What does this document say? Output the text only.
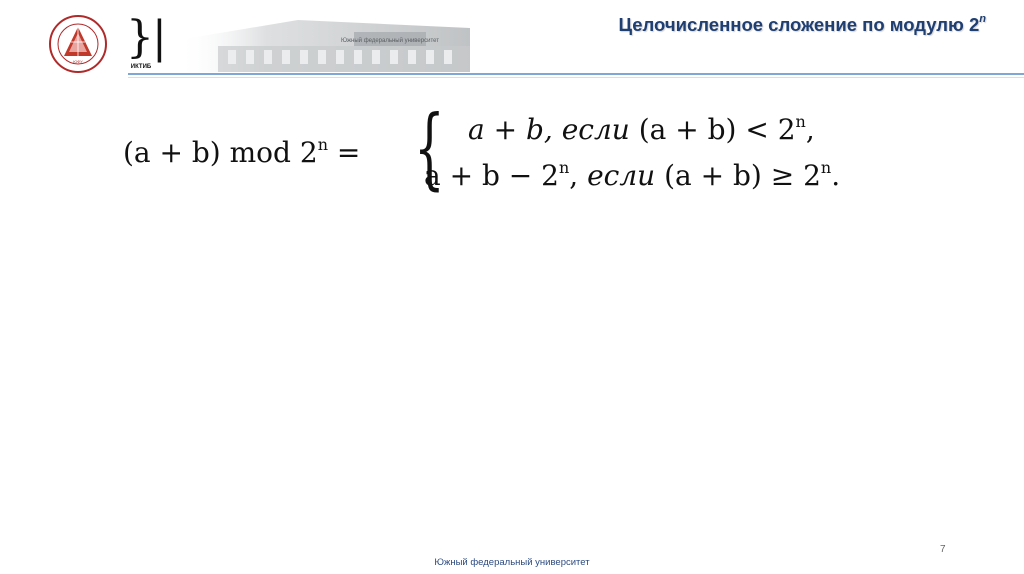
ЮФУ }|
ИКТИБ
Южный федеральный университет
Целочисленное сложение по модулю 2$^n$
(a + b) mod $2^n$ = { a + b, если $(a + b) < 2^n$,
$a + b - 2^n$, если $(a + b) \ge 2^n$.
7
Южный федеральный университет
